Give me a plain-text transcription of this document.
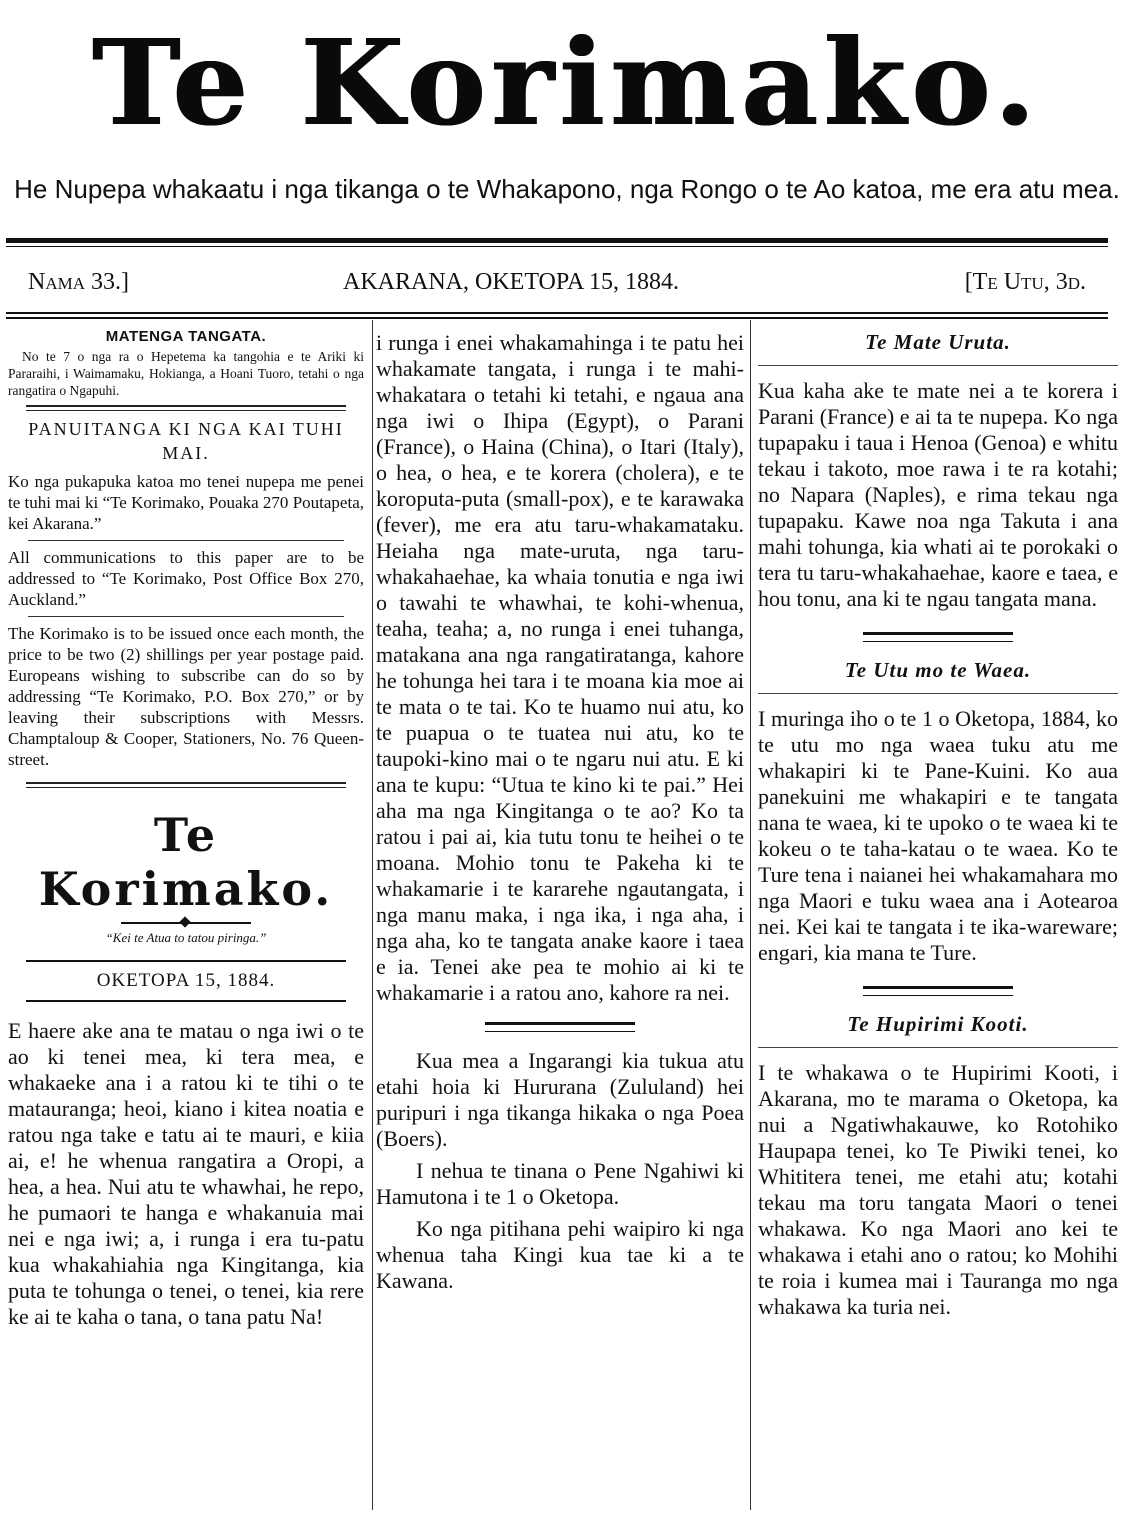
Te Korimako.
He Nupepa whakaatu i nga tikanga o te Whakapono, nga Rongo o te Ao katoa, me era atu mea.
Nama 33.]	AKARANA, OKETOPA 15, 1884.	[Te Utu, 3d.
MATENGA TANGATA.

No te 7 o nga ra o Hepetema ka tangohia e te Ariki ki Pararaihi, i Waimamaku, Hokianga, a Hoani Tuoro, tetahi o nga rangatira o Ngapuhi.

PANUITANGA KI NGA KAI TUHI MAI.

Ko nga pukapuka katoa mo tenei nupepa me penei te tuhi mai ki “Te Korimako, Pouaka 270 Poutapeta, kei Akarana.”

All communications to this paper are to be addressed to “Te Korimako, Post Office Box 270, Auckland.”

The Korimako is to be issued once each month, the price to be two (2) shillings per year postage paid. Europeans wishing to subscribe can do so by addressing “Te Korimako, P.O. Box 270,” or by leaving their subscriptions with Messrs. Champtaloup & Cooper, Stationers, No. 76 Queen-street.

Te Korimako.
“Kei te Atua to tatou piringa.”
OKETOPA 15, 1884.

E haere ake ana te matau o nga iwi o te ao ki tenei mea, ki tera mea, e whakaeke ana i a ratou ki te tihi o te matauranga; heoi, kiano i kitea noatia e ratou nga take e tatu ai te mauri, e kiia ai, e! he whenua rangatira a Oropi, a hea, a hea. Nui atu te whawhai, he repo, he pumaori te hanga e whakanuia mai nei e nga iwi; a, i runga i era tu-patu kua whakahiahia nga Kingitanga, kia puta te tohunga o tenei, o tenei, kia rere ke ai te kaha o tana, o tana patu Na!

i runga i enei whakamahinga i te patu hei whakamate tangata, i runga i te mahi-whakatara o tetahi ki tetahi, e ngaua ana nga iwi o Ihipa (Egypt), o Parani (France), o Haina (China), o Itari (Italy), o hea, o hea, e te korera (cholera), e te koroputa-puta (small-pox), e te karawaka (fever), me era atu taru-whakamataku. Heiaha nga mate-uruta, nga taru-whakahaehae, ka whaia tonutia e nga iwi o tawahi te whawhai, te kohi-whenua, teaha, teaha; a, no runga i enei tuhanga, matakana ana nga rangatiratanga, kahore he tohunga hei tara i te moana kia moe ai te mata o te tai. Ko te huamo nui atu, ko te puapua o te tuatea nui atu, ko te taupoki-kino mai o te ngaru nui atu. E ki ana te kupu: “Utua te kino ki te pai.” Hei aha ma nga Kingitanga o te ao? Ko ta ratou i pai ai, kia tutu tonu te heihei o te moana. Mohio tonu te Pakeha ki te whakamarie i te kararehe ngautangata, i nga manu maka, i nga ika, i nga aha, i nga aha, ko te tangata anake kaore i taea e ia. Tenei ake pea te mohio ai ki te whakamarie i a ratou ano, kahore ra nei.

Kua mea a Ingarangi kia tukua atu etahi hoia ki Hururana (Zululand) hei puripuri i nga tikanga hikaka o nga Poea (Boers).

I nehua te tinana o Pene Ngahiwi ki Hamutona i te 1 o Oketopa.

Ko nga pitihana pehi waipiro ki nga whenua taha Kingi kua tae ki a te Kawana.

Te Mate Uruta.

Kua kaha ake te mate nei a te korera i Parani (France) e ai ta te nupepa. Ko nga tupapaku i taua i Henoa (Genoa) e whitu tekau i takoto, moe rawa i te ra kotahi; no Napara (Naples), e rima tekau nga tupapaku. Kawe noa nga Takuta i ana mahi tohunga, kia whati ai te porokaki o tera tu taru-whakahaehae, kaore e taea, e hou tonu, ana ki te ngau tangata mana.

Te Utu mo te Waea.

I muringa iho o te 1 o Oketopa, 1884, ko te utu mo nga waea tuku atu me whakapiri ki te Pane-Kuini. Ko aua panekuini me whakapiri e te tangata nana te waea, ki te upoko o te waea ki te kokeu o te taha-katau o te waea. Ko te Ture tena i naianei hei whakamahara mo nga Maori e tuku waea ana i Aotearoa nei. Kei kai te tangata i te ika-wareware; engari, kia mana te Ture.

Te Hupirimi Kooti.

I te whakawa o te Hupirimi Kooti, i Akarana, mo te marama o Oketopa, ka nui a Ngatiwhakauwe, ko Rotohiko Haupapa tenei, ko Te Piwiki tenei, ko Whititera tenei, me etahi atu; kotahi tekau ma toru tangata Maori o tenei whakawa. Ko nga Maori ano kei te whakawa i etahi ano o ratou; ko Mohihi te roia i kumea mai i Tauranga mo nga whakawa ka turia nei.
